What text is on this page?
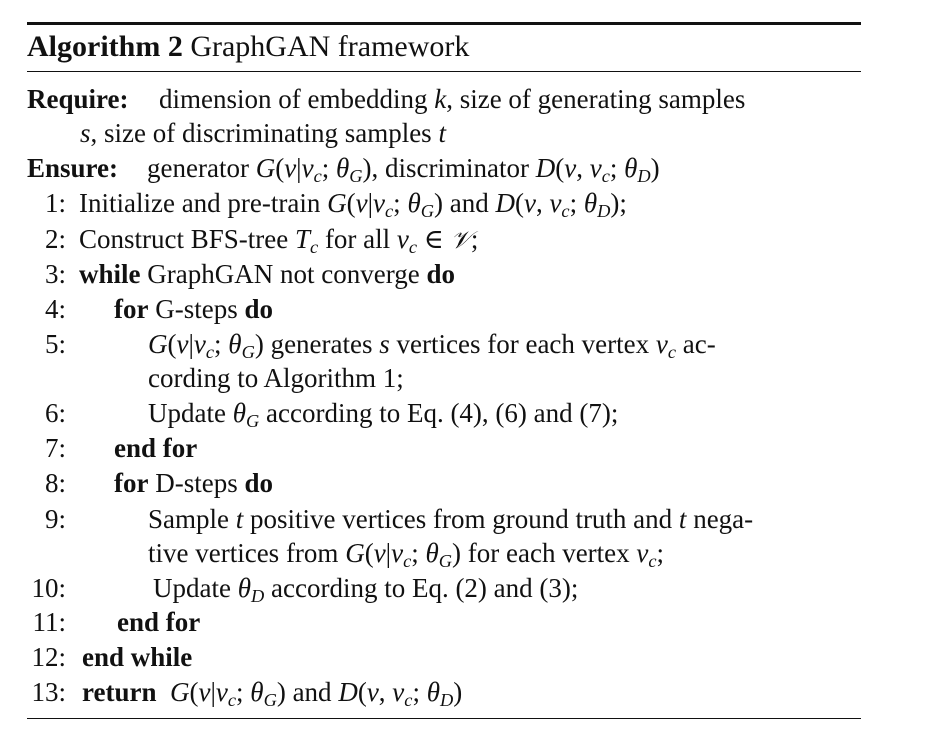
Algorithm 2 GraphGAN framework
Require: dimension of embedding k, size of generating samples
s, size of discriminating samples t
Ensure: generator $G(v|v_c$; $\theta_G$), discriminator D(v, $v_c$; $\theta_D$)
1: Initialize and pre-train $G(v|v_c$; $\theta_G$) and D(v, $v_c$; $\theta_D$);
2: Construct BFS-tree $T_c$ for all $v_c$ ∈ 𝒱;
3: while GraphGAN not converge do
4: for G-steps do
5:	$G(v|v_c$; $\theta_G$) generates s vertices for each vertex $v_c$ ac-
cording to Algorithm 1;
6:	Update $\theta_G$ according to Eq. (4), (6) and (7);
7: end for
8: for D-steps do
9:	Sample t positive vertices from ground truth and t nega-
tive vertices from $G(v|v_c$; $\theta_G$) for each vertex $v_c$;
10:	Update $\theta_D$ according to Eq. (2) and (3);
11: end for
12: end while
13: return $G(v|v_c$; $\theta_G$) and D(v, $v_c$; $\theta_D$)
